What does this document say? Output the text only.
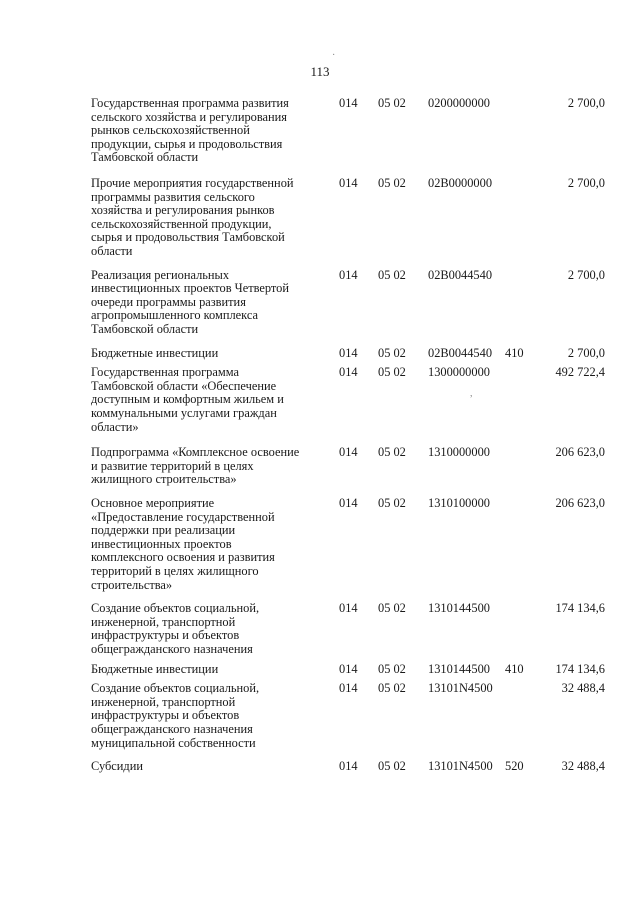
113
·
,
Государственная программа развития
сельского хозяйства и регулирования
рынков сельскохозяйственной
продукции, сырья и продовольствия
Тамбовской области
014 05 02 0200000000	2 700,0
Прочие мероприятия государственной
программы развития сельского
хозяйства и регулирования рынков
сельскохозяйственной продукции,
сырья и продовольствия Тамбовской
области
014 05 02 02В0000000	2 700,0
Реализация региональных
инвестиционных проектов Четвертой
очереди программы развития
агропромышленного комплекса
Тамбовской области
014 05 02 02В0044540	2 700,0
Бюджетные инвестиции	014 05 02 02В0044540 410	2 700,0
Государственная программа
Тамбовской области «Обеспечение
доступным и комфортным жильем и
коммунальными услугами граждан
области»
014 05 02 1300000000	492 722,4
Подпрограмма «Комплексное освоение
и развитие территорий в целях
жилищного строительства»
014 05 02 1310000000	206 623,0
Основное мероприятие
«Предоставление государственной
поддержки при реализации
инвестиционных проектов
комплексного освоения и развития
территорий в целях жилищного
строительства»
014 05 02 1310100000	206 623,0
Создание объектов социальной,
инженерной, транспортной
инфраструктуры и объектов
общегражданского назначения
014 05 02 1310144500	174 134,6
Бюджетные инвестиции	014 05 02 1310144500 410	174 134,6
Создание объектов социальной,
инженерной, транспортной
инфраструктуры и объектов
общегражданского назначения
муниципальной собственности
014 05 02 13101N4500	32 488,4
Субсидии	014 05 02 13101N4500 520	32 488,4
